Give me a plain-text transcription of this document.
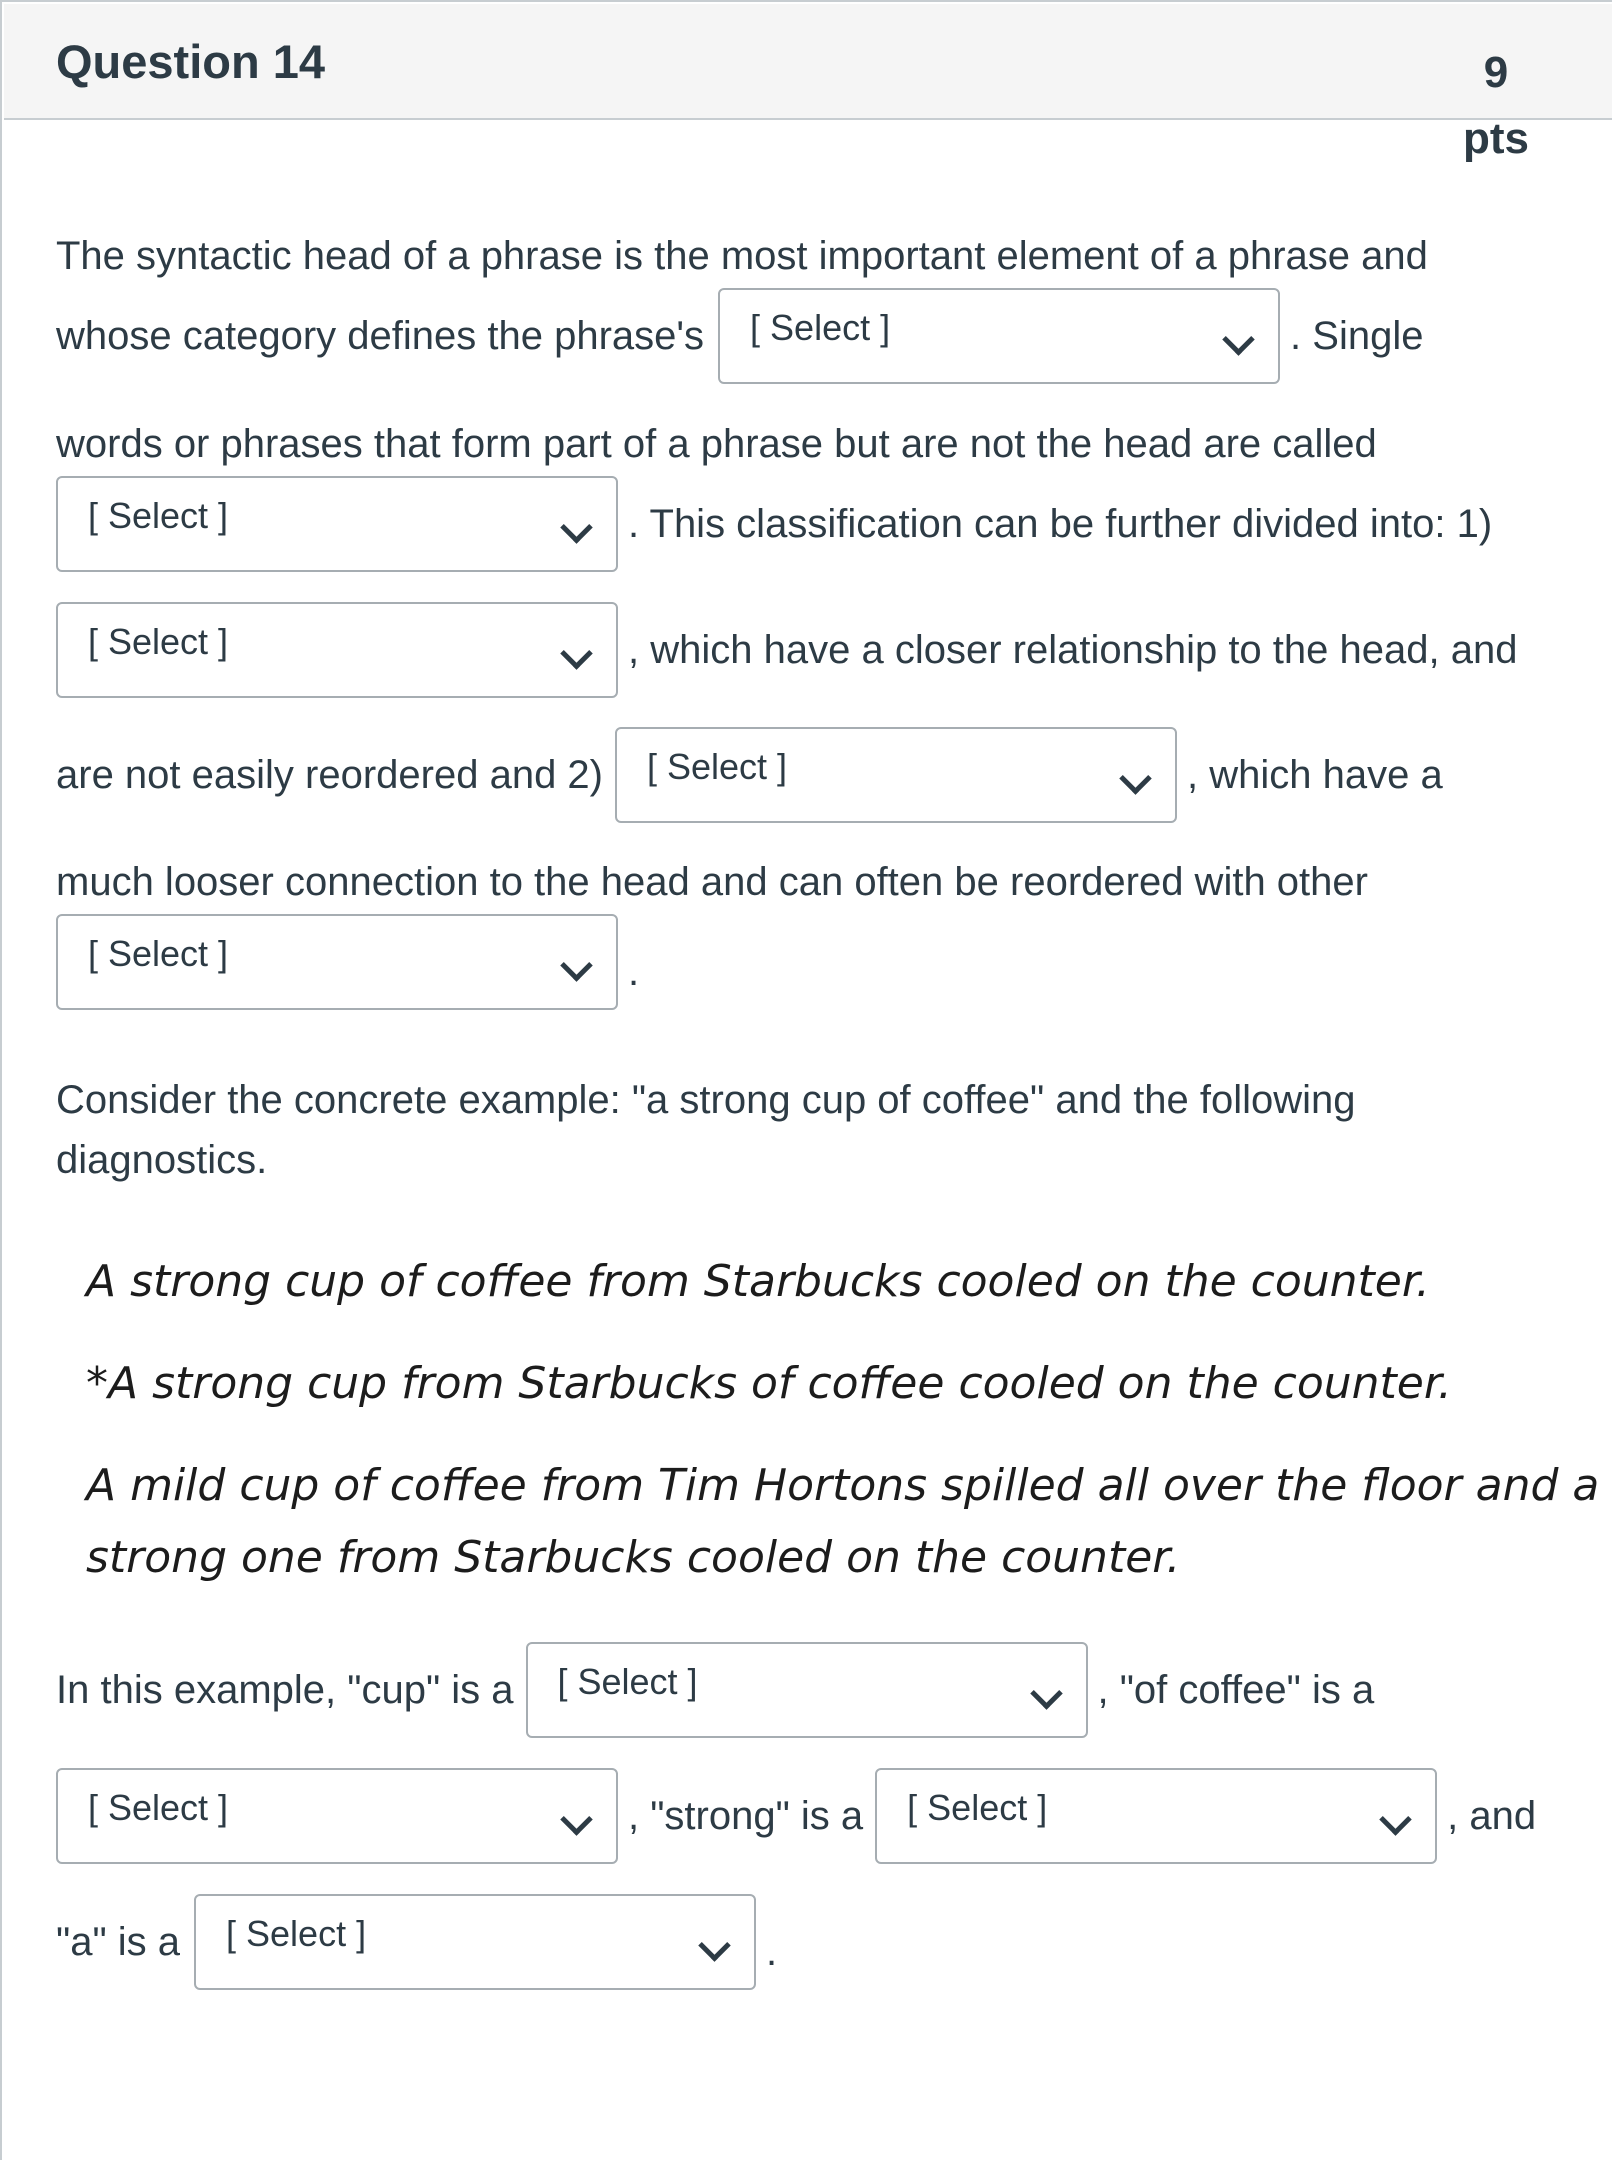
Question 14	9
pts
The syntactic head of a phrase is the most important element of a phrase and
whose category defines the phrase's [ Select ]	. Single
words or phrases that form part of a phrase but are not the head are called
[ Select ]	. This classification can be further divided into: 1)
[ Select ]	, which have a closer relationship to the head, and
are not easily reordered and 2) [ Select ]	, which have a
much looser connection to the head and can often be reordered with other
[ Select ]	.
Consider the concrete example: "a strong cup of coffee" and the following
diagnostics.
A strong cup of coffee from Starbucks cooled on the counter.
*A strong cup from Starbucks of coffee cooled on the counter.
A mild cup of coffee from Tim Hortons spilled all over the floor and a
strong one from Starbucks cooled on the counter.
In this example, "cup" is a [ Select ]	, "of coffee" is a
[ Select ]	, "strong" is a [ Select ]	, and
"a" is a [ Select ]	.
